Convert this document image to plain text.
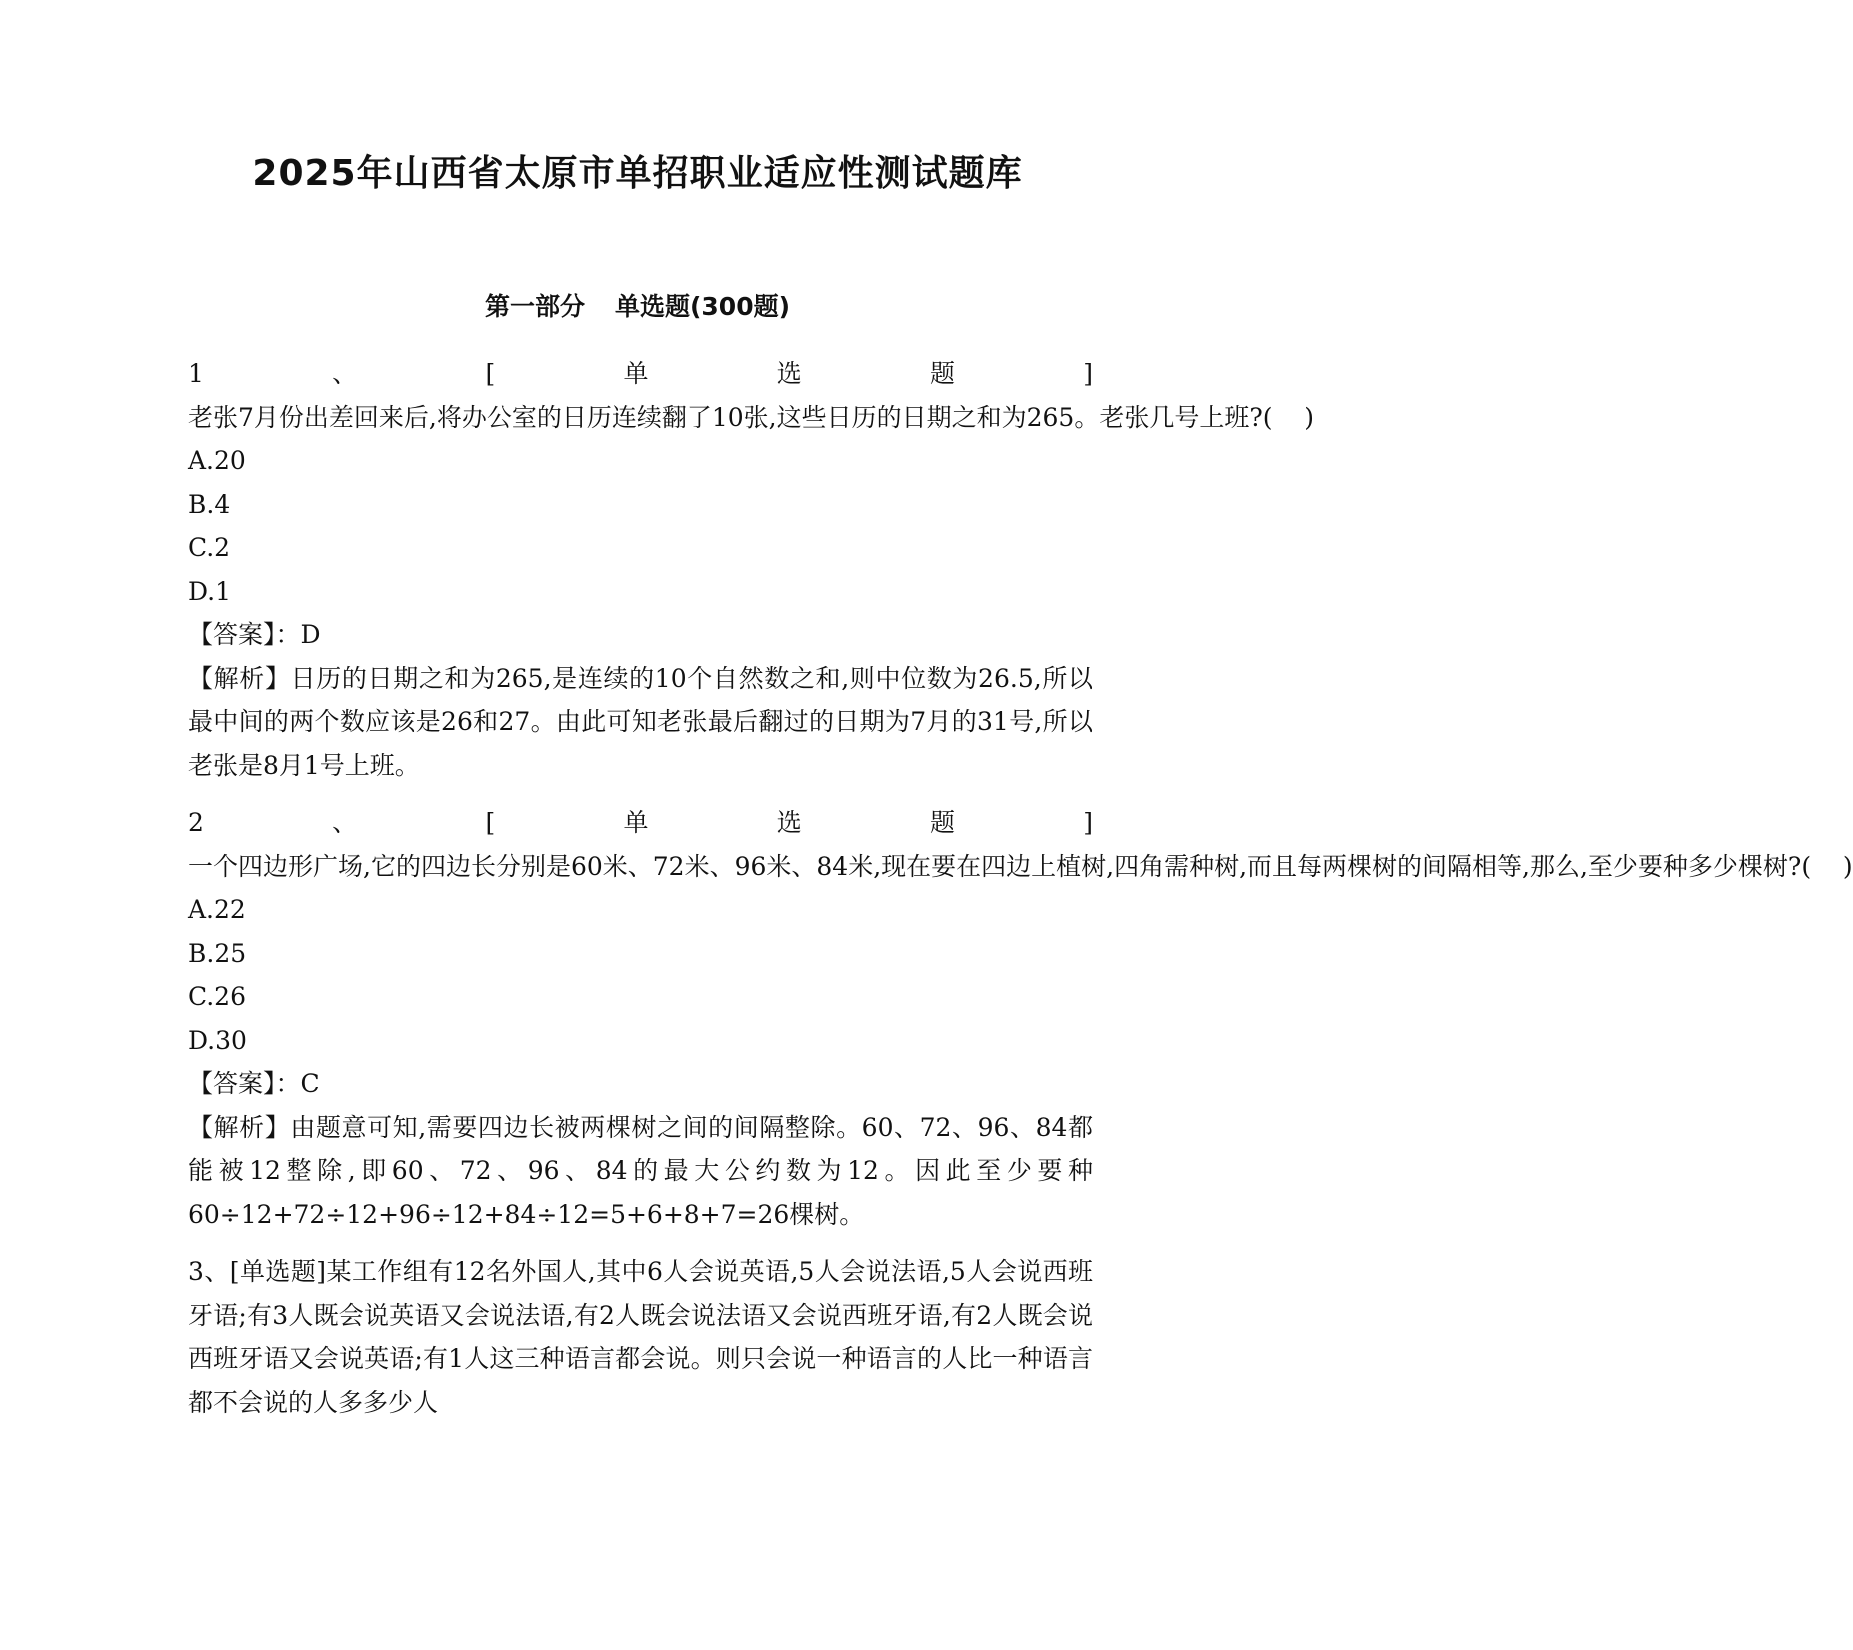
2025年山西省太原市单招职业适应性测试题库
第一部分 单选题(300题)
1、[单选题]老张7月份出差回来后,将办公室的日历连续翻了10张,这些日历的日期之和为265。老张几号上班?(    )
A.20
B.4
C.2
D.1
【答案】：D
【解析】日历的日期之和为265,是连续的10个自然数之和,则中位数为26.5,所以最中间的两个数应该是26和27。由此可知老张最后翻过的日期为7月的31号,所以老张是8月1号上班。
2、[单选题]一个四边形广场,它的四边长分别是60米、72米、96米、84米,现在要在四边上植树,四角需种树,而且每两棵树的间隔相等,那么,至少要种多少棵树?(    )
A.22
B.25
C.26
D.30
【答案】：C
【解析】由题意可知,需要四边长被两棵树之间的间隔整除。60、72、96、84都能被12整除,即60、72、96、84的最大公约数为12。因此至少要种60÷12+72÷12+96÷12+84÷12=5+6+8+7=26棵树。
3、[单选题]某工作组有12名外国人,其中6人会说英语,5人会说法语,5人会说西班牙语;有3人既会说英语又会说法语,有2人既会说法语又会说西班牙语,有2人既会说西班牙语又会说英语;有1人这三种语言都会说。则只会说一种语言的人比一种语言都不会说的人多多少人
